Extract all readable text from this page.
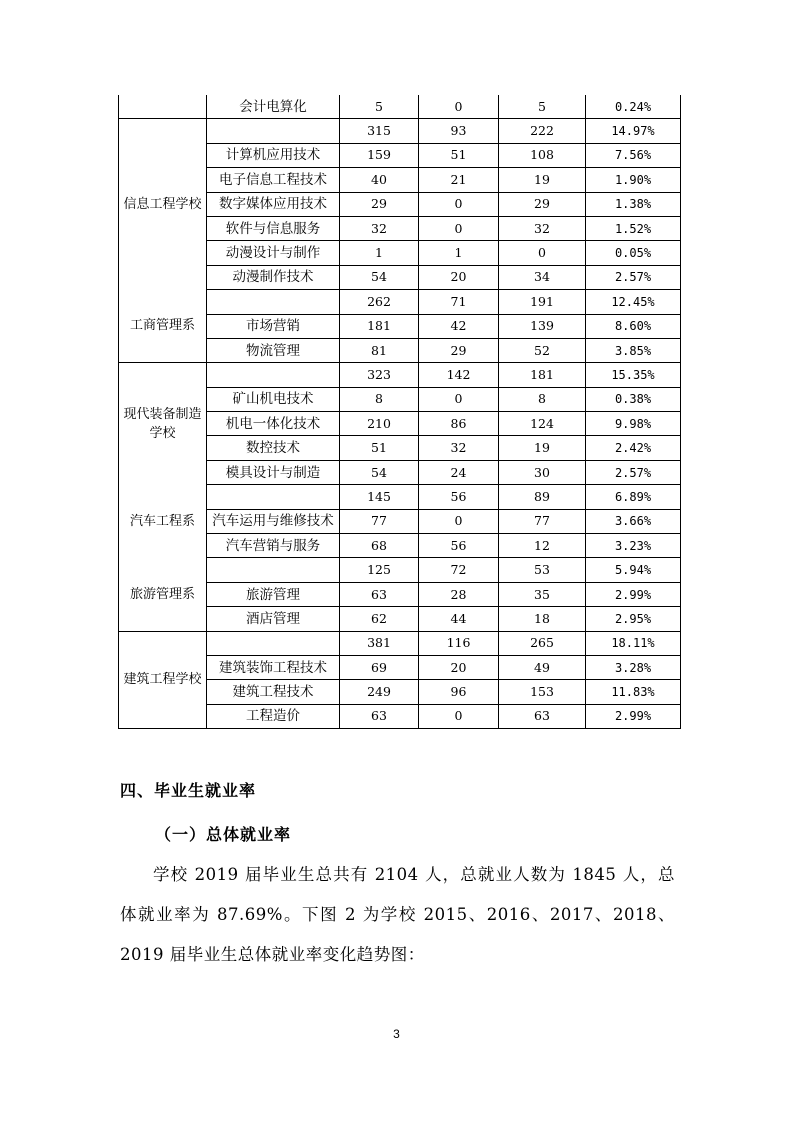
	会计电算化	5	0	5	0.24%
信息工程学校		315	93	222	14.97%
	计算机应用技术	159	51	108	7.56%
	电子信息工程技术	40	21	19	1.90%
	数字媒体应用技术	29	0	29	1.38%
	软件与信息服务	32	0	32	1.52%
	动漫设计与制作	1	1	0	0.05%
	动漫制作技术	54	20	34	2.57%
工商管理系		262	71	191	12.45%
	市场营销	181	42	139	8.60%
	物流管理	81	29	52	3.85%
现代装备制造学校		323	142	181	15.35%
	矿山机电技术	8	0	8	0.38%
	机电一体化技术	210	86	124	9.98%
	数控技术	51	32	19	2.42%
	模具设计与制造	54	24	30	2.57%
汽车工程系		145	56	89	6.89%
	汽车运用与维修技术	77	0	77	3.66%
	汽车营销与服务	68	56	12	3.23%
旅游管理系		125	72	53	5.94%
	旅游管理	63	28	35	2.99%
	酒店管理	62	44	18	2.95%
建筑工程学校		381	116	265	18.11%
	建筑装饰工程技术	69	20	49	3.28%
	建筑工程技术	249	96	153	11.83%
	工程造价	63	0	63	2.99%
四、毕业生就业率
（一）总体就业率

学校 2019 届毕业生总共有 2104 人，总就业人数为 1845 人，总体就业率为 87.69%。下图 2 为学校 2015、2016、2017、2018、2019 届毕业生总体就业率变化趋势图：

3
